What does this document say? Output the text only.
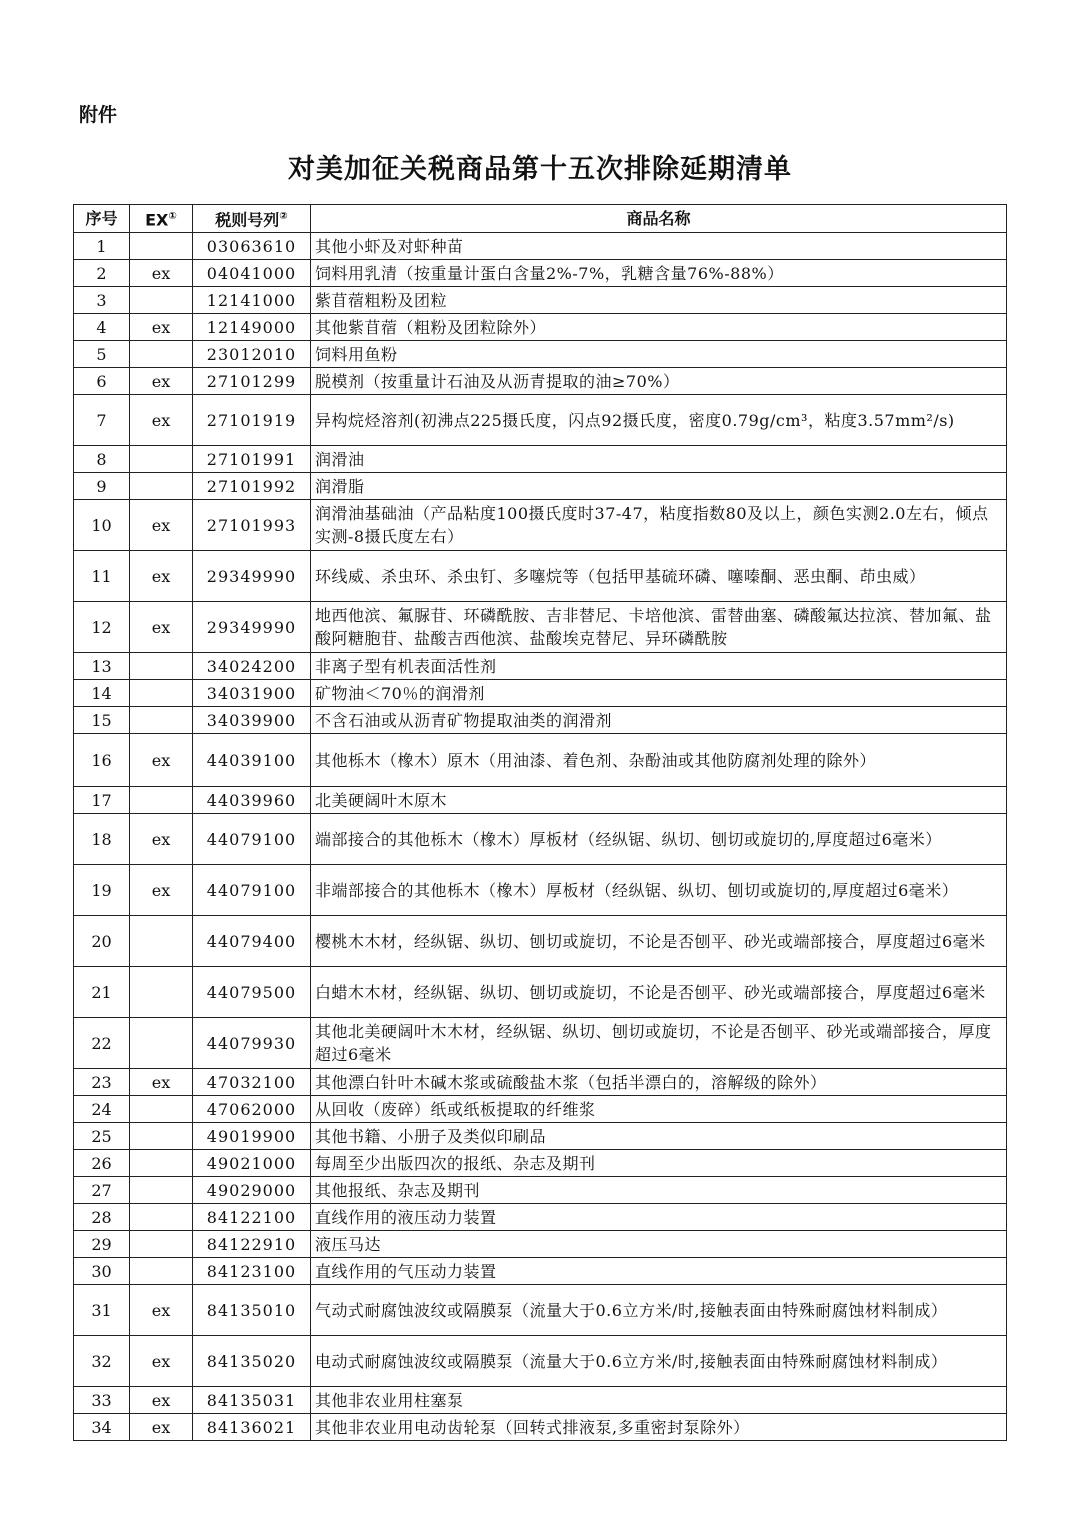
附件
对美加征关税商品第十五次排除延期清单
序号	EX①	税则号列②	商品名称
1		03063610	其他小虾及对虾种苗
2	ex	04041000	饲料用乳清（按重量计蛋白含量2%-7%，乳糖含量76%-88%）
3		12141000	紫苜蓿粗粉及团粒
4	ex	12149000	其他紫苜蓿（粗粉及团粒除外）
5		23012010	饲料用鱼粉
6	ex	27101299	脱模剂（按重量计石油及从沥青提取的油≥70%）
7	ex	27101919	异构烷烃溶剂(初沸点225摄氏度，闪点92摄氏度，密度0.79g/cm³，粘度3.57mm²/s)
8		27101991	润滑油
9		27101992	润滑脂
10	ex	27101993	润滑油基础油（产品粘度100摄氏度时37-47，粘度指数80及以上，颜色实测2.0左右，倾点实测-8摄氏度左右）
11	ex	29349990	环线威、杀虫环、杀虫钉、多噻烷等（包括甲基硫环磷、噻嗪酮、恶虫酮、茚虫威）
12	ex	29349990	地西他滨、氟脲苷、环磷酰胺、吉非替尼、卡培他滨、雷替曲塞、磷酸氟达拉滨、替加氟、盐酸阿糖胞苷、盐酸吉西他滨、盐酸埃克替尼、异环磷酰胺
13		34024200	非离子型有机表面活性剂
14		34031900	矿物油＜70％的润滑剂
15		34039900	不含石油或从沥青矿物提取油类的润滑剂
16	ex	44039100	其他栎木（橡木）原木（用油漆、着色剂、杂酚油或其他防腐剂处理的除外）
17		44039960	北美硬阔叶木原木
18	ex	44079100	端部接合的其他栎木（橡木）厚板材（经纵锯、纵切、刨切或旋切的,厚度超过6毫米）
19	ex	44079100	非端部接合的其他栎木（橡木）厚板材（经纵锯、纵切、刨切或旋切的,厚度超过6毫米）
20		44079400	樱桃木木材，经纵锯、纵切、刨切或旋切，不论是否刨平、砂光或端部接合，厚度超过6毫米
21		44079500	白蜡木木材，经纵锯、纵切、刨切或旋切，不论是否刨平、砂光或端部接合，厚度超过6毫米
22		44079930	其他北美硬阔叶木木材，经纵锯、纵切、刨切或旋切，不论是否刨平、砂光或端部接合，厚度超过6毫米
23	ex	47032100	其他漂白针叶木碱木浆或硫酸盐木浆（包括半漂白的，溶解级的除外）
24		47062000	从回收（废碎）纸或纸板提取的纤维浆
25		49019900	其他书籍、小册子及类似印刷品
26		49021000	每周至少出版四次的报纸、杂志及期刊
27		49029000	其他报纸、杂志及期刊
28		84122100	直线作用的液压动力装置
29		84122910	液压马达
30		84123100	直线作用的气压动力装置
31	ex	84135010	气动式耐腐蚀波纹或隔膜泵（流量大于0.6立方米/时,接触表面由特殊耐腐蚀材料制成）
32	ex	84135020	电动式耐腐蚀波纹或隔膜泵（流量大于0.6立方米/时,接触表面由特殊耐腐蚀材料制成）
33	ex	84135031	其他非农业用柱塞泵
34	ex	84136021	其他非农业用电动齿轮泵（回转式排液泵,多重密封泵除外）
